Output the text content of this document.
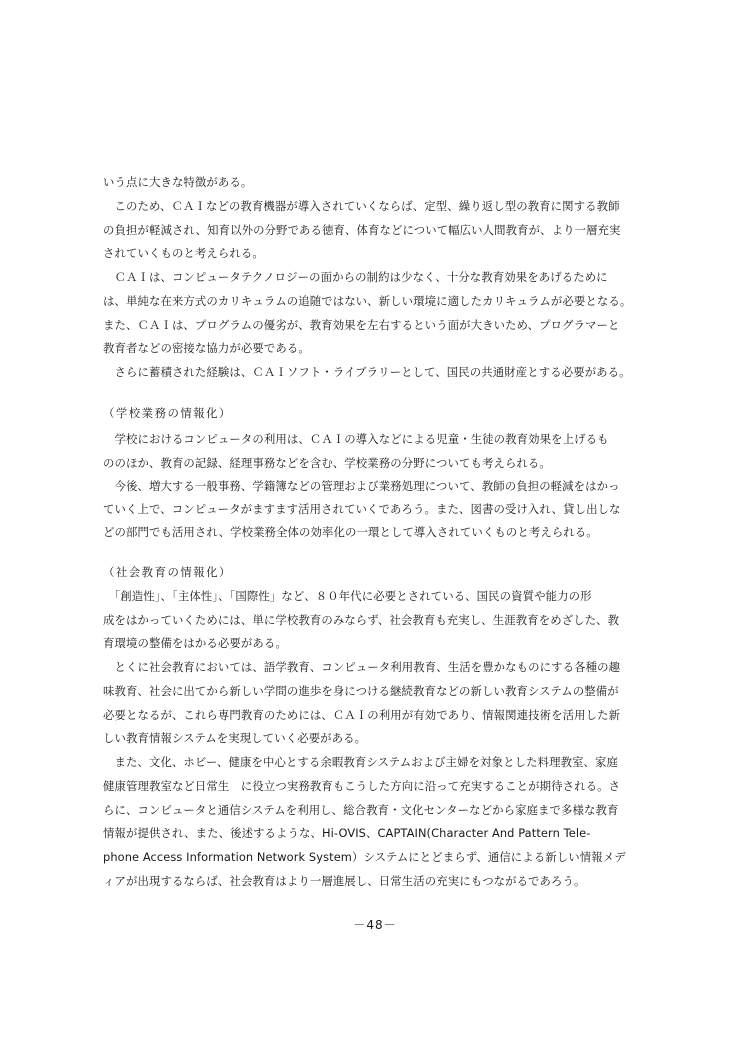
いう点に大きな特徴がある。
　このため、ＣＡＩなどの教育機器が導入されていくならば、定型、繰り返し型の教育に関する教師
の負担が軽減され、知育以外の分野である徳育、体育などについて幅広い人間教育が、より一層充実
されていくものと考えられる。
　ＣＡＩは、コンピュータテクノロジーの面からの制約は少なく、十分な教育効果をあげるために
は、単純な在来方式のカリキュラムの追随ではない、新しい環境に適したカリキュラムが必要となる。
また、ＣＡＩは、プログラムの優劣が、教育効果を左右するという面が大きいため、プログラマーと
教育者などの密接な協力が必要である。
　さらに蓄積された経験は、ＣＡＩソフト・ライブラリーとして、国民の共通財産とする必要がある。
（学校業務の情報化）
　学校におけるコンピュータの利用は、ＣＡＩの導入などによる児童・生徒の教育効果を上げるも
ののほか、教育の記録、経理事務などを含む、学校業務の分野についても考えられる。
　今後、増大する一般事務、学籍簿などの管理および業務処理について、教師の負担の軽減をはかっ
ていく上で、コンピュータがますます活用されていくであろう。また、図書の受け入れ、貸し出しな
どの部門でも活用され、学校業務全体の効率化の一環として導入されていくものと考えられる。
（社会教育の情報化）
　「創造性」、「主体性」、「国際性」など、８０年代に必要とされている、国民の資質や能力の形
成をはかっていくためには、単に学校教育のみならず、社会教育も充実し、生涯教育をめざした、教
育環境の整備をはかる必要がある。
　とくに社会教育においては、語学教育、コンピュータ利用教育、生活を豊かなものにする各種の趣
味教育、社会に出てから新しい学問の進歩を身につける継続教育などの新しい教育システムの整備が
必要となるが、これら専門教育のためには、ＣＡＩの利用が有効であり、情報関連技術を活用した新
しい教育情報システムを実現していく必要がある。
　また、文化、ホビー、健康を中心とする余暇教育システムおよび主婦を対象とした料理教室、家庭
健康管理教室など日常生　に役立つ実務教育もこうした方向に沿って充実することが期待される。さ
らに、コンピュータと通信システムを利用し、総合教育・文化センターなどから家庭まで多様な教育
情報が提供され、また、後述するような、Hi-OVIS、CAPTAIN(Character And Pattern Tele-
phone Access Information Network System）システムにとどまらず、通信による新しい情報メデ
ィアが出現するならば、社会教育はより一層進展し、日常生活の充実にもつながるであろう。
－48－
